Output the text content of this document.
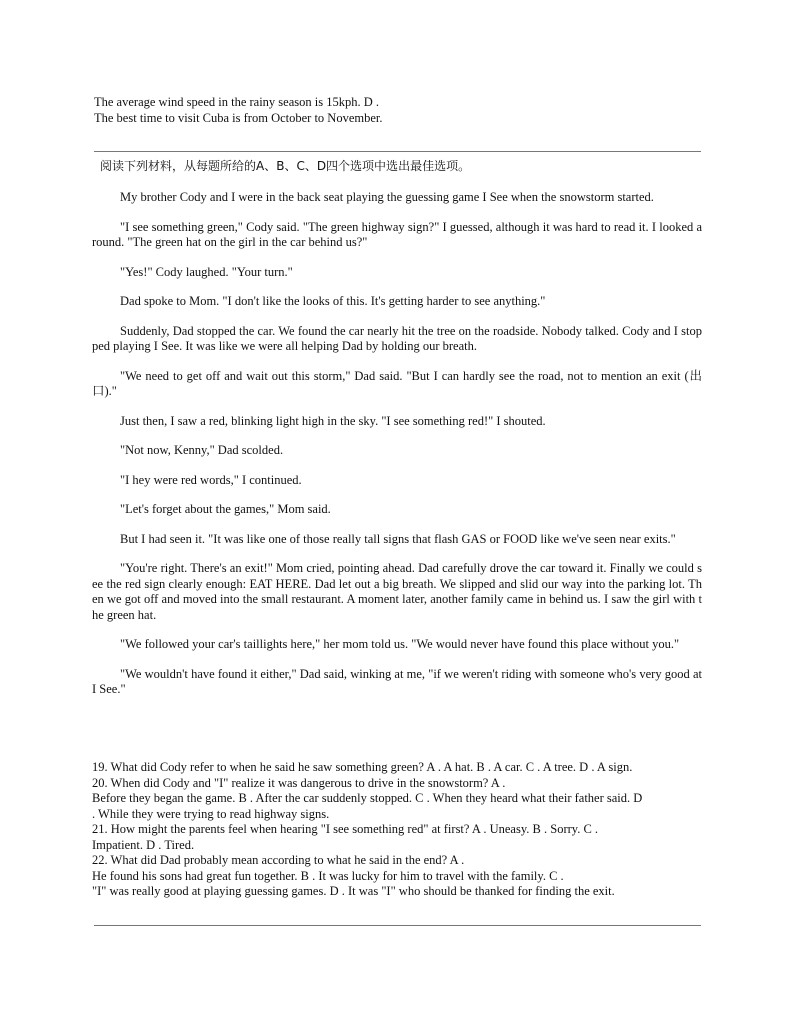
The average wind speed in the rainy season is 15kph. D .
The best time to visit Cuba is from October to November.
阅读下列材料，从每题所给的A、B、C、D四个选项中选出最佳选项。

My brother Cody and I were in the back seat playing the guessing game I See when the snowstorm started.

"I see something green," Cody said. "The green highway sign?" I guessed, although it was hard to read it. I looked around. "The green hat on the girl in the car behind us?"

"Yes!" Cody laughed. "Your turn."

Dad spoke to Mom. "I don't like the looks of this. It's getting harder to see anything."

Suddenly, Dad stopped the car. We found the car nearly hit the tree on the roadside. Nobody talked. Cody and I stopped playing I See. It was like we were all helping Dad by holding our breath.

"We need to get off and wait out this storm," Dad said. "But I can hardly see the road, not to mention an exit (出口)."

Just then, I saw a red, blinking light high in the sky. "I see something red!" I shouted.

"Not now, Kenny," Dad scolded.

"I hey were red words," I continued.

"Let's forget about the games," Mom said.

But I had seen it. "It was like one of those really tall signs that flash GAS or FOOD like we've seen near exits."

"You're right. There's an exit!" Mom cried, pointing ahead. Dad carefully drove the car toward it. Finally we could see the red sign clearly enough: EAT HERE. Dad let out a big breath. We slipped and slid our way into the parking lot. Then we got off and moved into the small restaurant. A moment later, another family came in behind us. I saw the girl with the green hat.

"We followed your car's taillights here," her mom told us. "We would never have found this place without you."

"We wouldn't have found it either," Dad said, winking at me, "if we weren't riding with someone who's very good at I See."

19. What did Cody refer to when he said he saw something green? A . A hat. B . A car. C . A tree. D . A sign.
20. When did Cody and "I" realize it was dangerous to drive in the snowstorm? A .
Before they began the game. B . After the car suddenly stopped. C . When they heard what their father said. D
. While they were trying to read highway signs.
21. How might the parents feel when hearing "I see something red" at first? A . Uneasy. B . Sorry. C .
Impatient. D . Tired.
22. What did Dad probably mean according to what he said in the end? A .
He found his sons had great fun together. B . It was lucky for him to travel with the family. C .
"I" was really good at playing guessing games. D . It was "I" who should be thanked for finding the exit.
